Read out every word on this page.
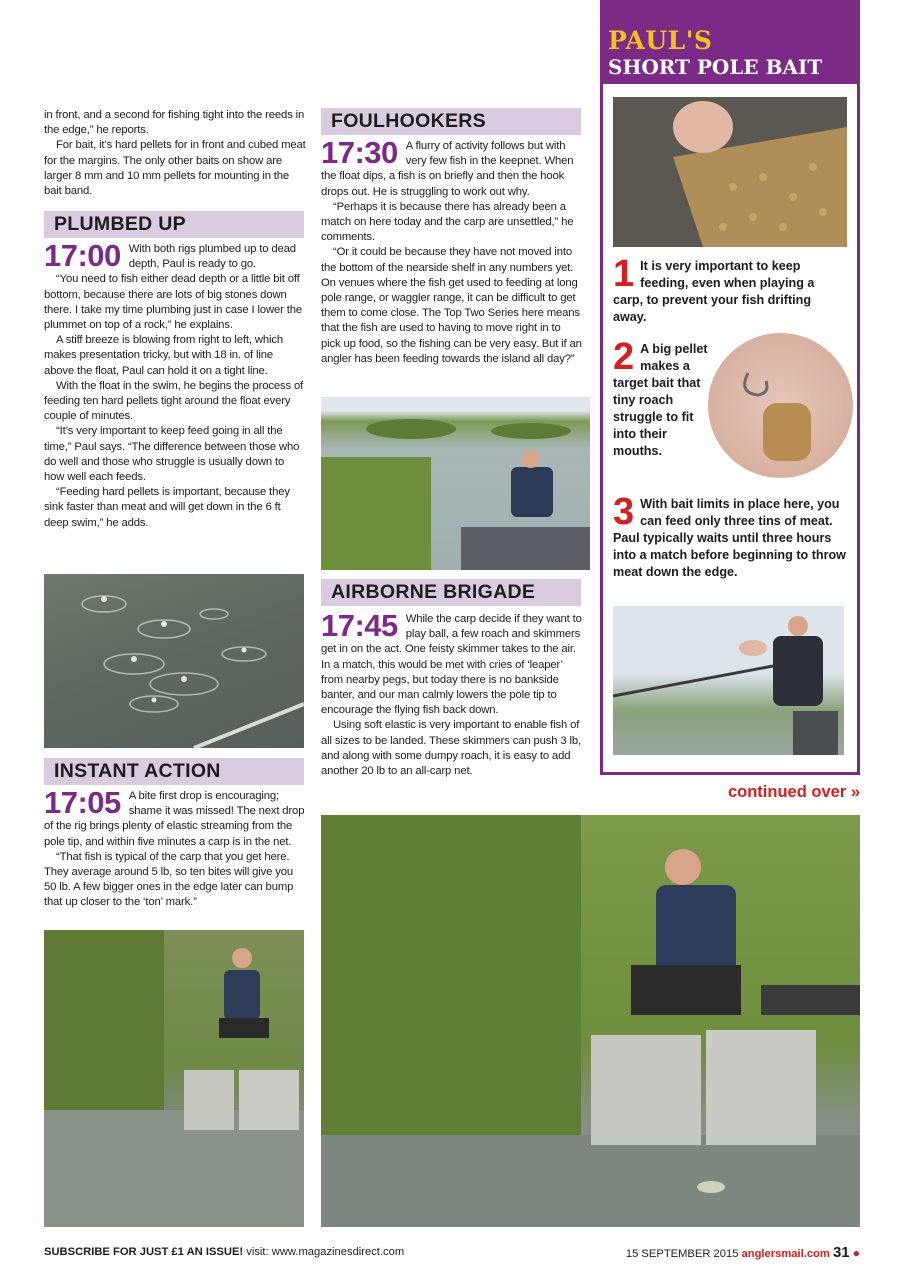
in front, and a second for fishing tight into the reeds in the edge,” he reports.

For bait, it’s hard pellets for in front and cubed meat for the margins. The only other baits on show are larger 8 mm and 10 mm pellets for mounting in the bait band.

PLUMBED UP
17:00 With both rigs plumbed up to dead depth, Paul is ready to go.

“You need to fish either dead depth or a little bit off bottom, because there are lots of big stones down there. I take my time plumbing just in case I lower the plummet on top of a rock,” he explains.

A stiff breeze is blowing from right to left, which makes presentation tricky, but with 18 in. of line above the float, Paul can hold it on a tight line.

With the float in the swim, he begins the process of feeding ten hard pellets tight around the float every couple of minutes.

“It’s very important to keep feed going in all the time,” Paul says. “The difference between those who do well and those who struggle is usually down to how well each feeds.

“Feeding hard pellets is important, because they sink faster than meat and will get down in the 6 ft deep swim,” he adds.

INSTANT ACTION
17:05 A bite first drop is encouraging; shame it was missed! The next drop of the rig brings plenty of elastic streaming from the pole tip, and within five minutes a carp is in the net.

“That fish is typical of the carp that you get here. They average around 5 lb, so ten bites will give you 50 lb. A few bigger ones in the edge later can bump that up closer to the ‘ton’ mark.”

FOULHOOKERS
17:30 A flurry of activity follows but with very few fish in the keepnet. When the float dips, a fish is on briefly and then the hook drops out. He is struggling to work out why.

“Perhaps it is because there has already been a match on here today and the carp are unsettled,” he comments.

“Or it could be because they have not moved into the bottom of the nearside shelf in any numbers yet. On venues where the fish get used to feeding at long pole range, or waggler range, it can be difficult to get them to come close. The Top Two Series here means that the fish are used to having to move right in to pick up food, so the fishing can be very easy. But if an angler has been feeding towards the island all day?”

AIRBORNE BRIGADE
17:45 While the carp decide if they want to play ball, a few roach and skimmers get in on the act. One feisty skimmer takes to the air. In a match, this would be met with cries of ‘leaper’ from nearby pegs, but today there is no bankside banter, and our man calmly lowers the pole tip to encourage the flying fish back down.

Using soft elastic is very important to enable fish of all sizes to be landed. These skimmers can push 3 lb, and along with some dumpy roach, it is easy to add another 20 lb to an all-carp net.

PAUL'S
SHORT POLE BAIT
1 It is very important to keep feeding, even when playing a carp, to prevent your fish drifting away.
2 A big pellet makes a target bait that tiny roach struggle to fit into their mouths.
3 With bait limits in place here, you can feed only three tins of meat. Paul typically waits until three hours into a match before beginning to throw meat down the edge.
continued over »
SUBSCRIBE FOR JUST £1 AN ISSUE! visit: www.magazinesdirect.com	15 SEPTEMBER 2015 anglersmail.com 31 ●
